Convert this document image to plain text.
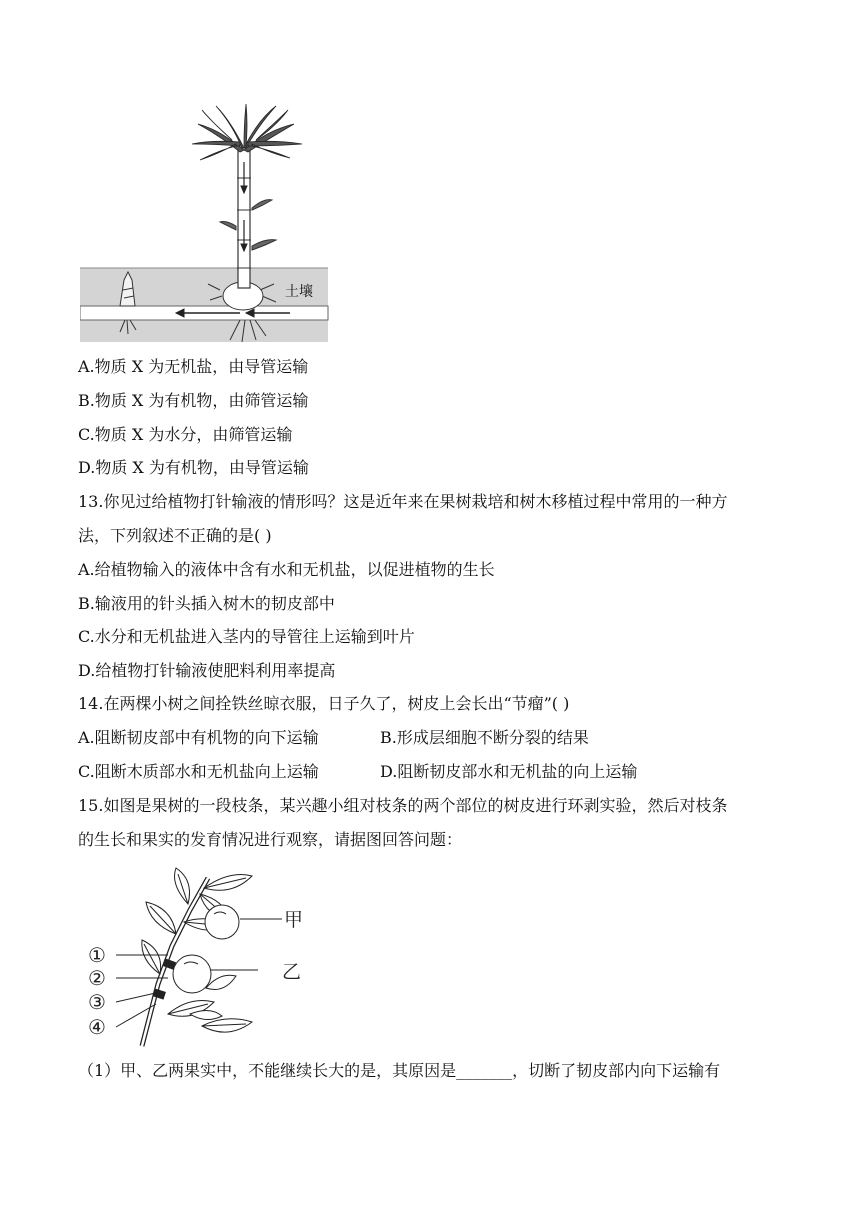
土壤
A.物质 X 为无机盐，由导管运输
B.物质 X 为有机物，由筛管运输
C.物质 X 为水分，由筛管运输
D.物质 X 为有机物，由导管运输
13.你见过给植物打针输液的情形吗？这是近年来在果树栽培和树木移植过程中常用的一种方
法，下列叙述不正确的是( )
A.给植物输入的液体中含有水和无机盐，以促进植物的生长
B.输液用的针头插入树木的韧皮部中
C.水分和无机盐进入茎内的导管往上运输到叶片
D.给植物打针输液使肥料利用率提高
14.在两棵小树之间拴铁丝晾衣服，日子久了，树皮上会长出“节瘤”( )
A.阻断韧皮部中有机物的向下运输	B.形成层细胞不断分裂的结果
C.阻断木质部水和无机盐向上运输	D.阻断韧皮部水和无机盐的向上运输
15.如图是果树的一段枝条，某兴趣小组对枝条的两个部位的树皮进行环剥实验，然后对枝条
的生长和果实的发育情况进行观察，请据图回答问题：
①
②
③
④
甲
乙
（1）甲、乙两果实中，不能继续长大的是，其原因是_______，切断了韧皮部内向下运输有
